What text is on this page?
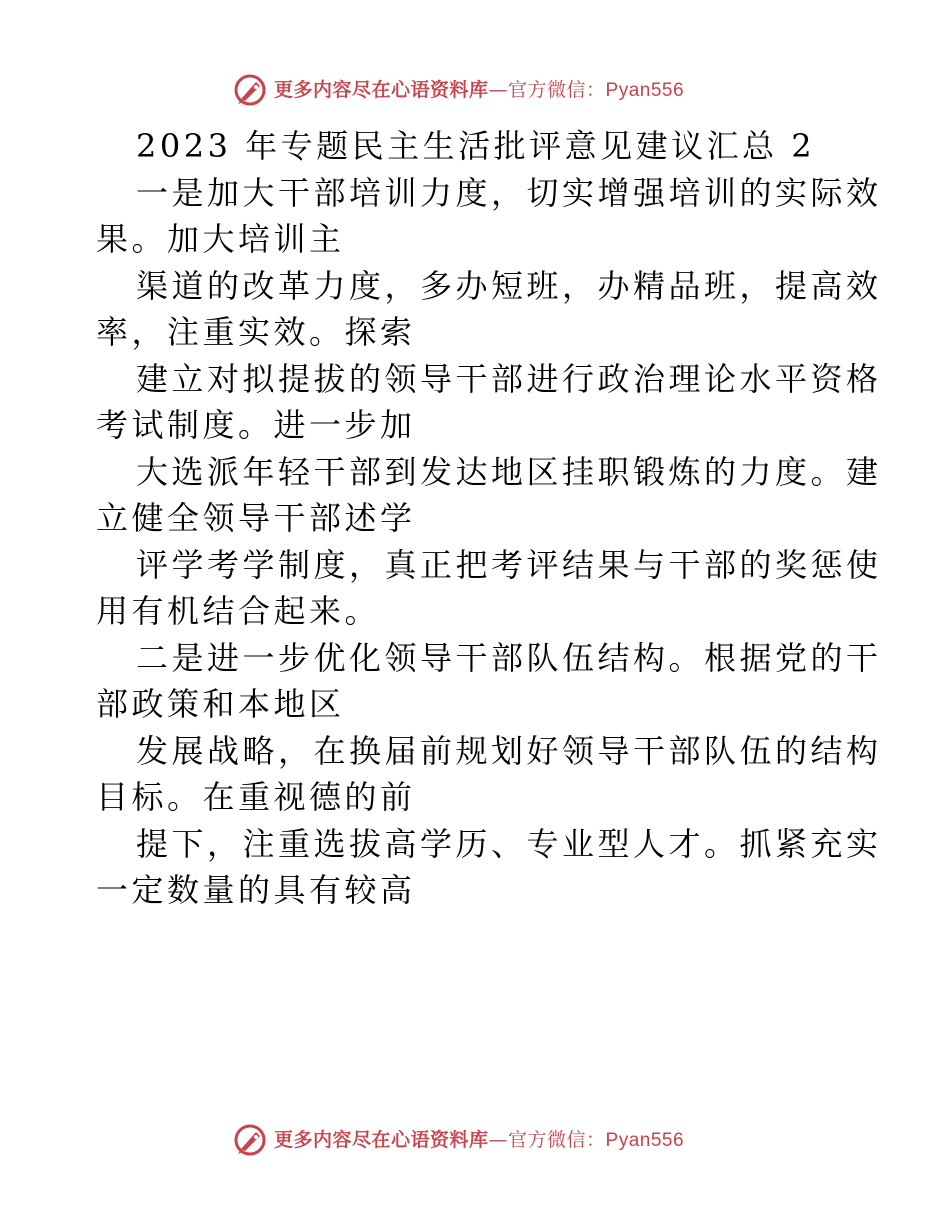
更多内容尽在心语资料库—官方微信：Pyan556
2023 年专题民主生活批评意见建议汇总 2
一是加大干部培训力度，切实增强培训的实际效
果。加大培训主
渠道的改革力度，多办短班，办精品班，提高效
率，注重实效。探索
建立对拟提拔的领导干部进行政治理论水平资格
考试制度。进一步加
大选派年轻干部到发达地区挂职锻炼的力度。建
立健全领导干部述学
评学考学制度，真正把考评结果与干部的奖惩使
用有机结合起来。
二是进一步优化领导干部队伍结构。根据党的干
部政策和本地区
发展战略，在换届前规划好领导干部队伍的结构
目标。在重视德的前
提下，注重选拔高学历、专业型人才。抓紧充实
一定数量的具有较高
更多内容尽在心语资料库—官方微信：Pyan556
